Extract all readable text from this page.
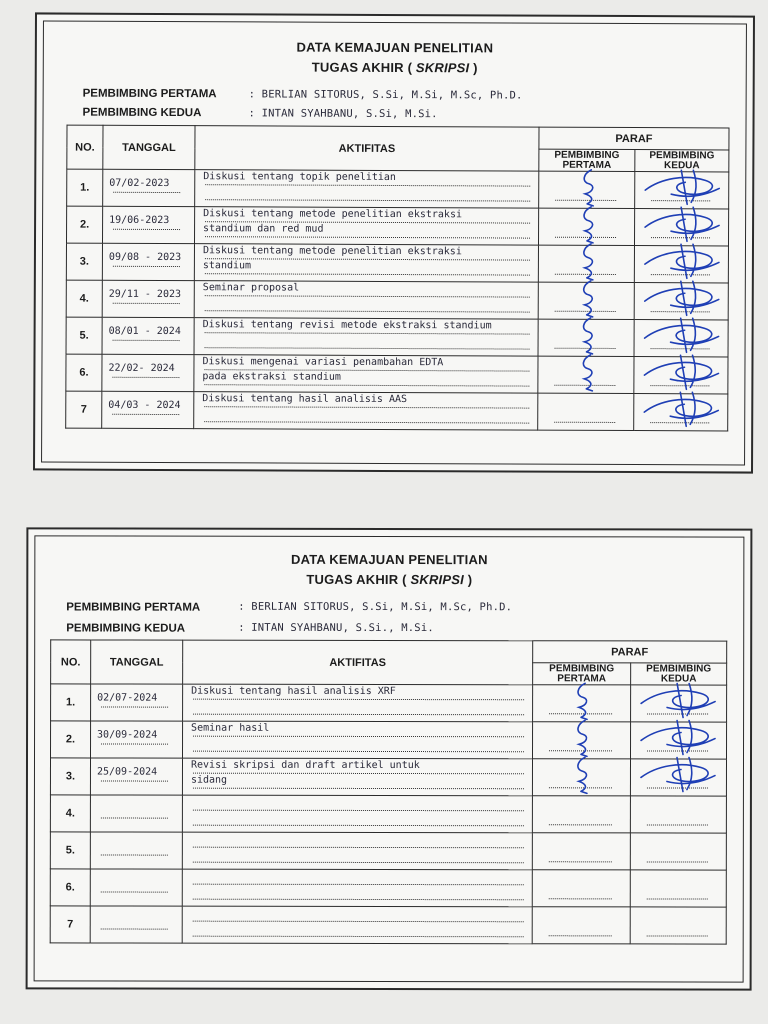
DATA KEMAJUAN PENELITIAN
TUGAS AKHIR ( SKRIPSI )
PEMBIMBING PERTAMA	: BERLIAN SITORUS, S.Si, M.Si, M.Sc, Ph.D.
PEMBIMBING KEDUA	: INTAN SYAHBANU, S.Si, M.Si.
NO.	TANGGAL	AKTIFITAS	PARAF	
			PEMBIMBING PERTAMA	PEMBIMBING KEDUA
1.	07/02-2023	Diskusi tentang topik penelitian

2.	19/06-2023	Diskusi tentang metode penelitian ekstraksi
standium dan red mud

3.	09/08 - 2023	Diskusi tentang metode penelitian ekstraksi
standium

4.	29/11 - 2023	Seminar proposal

5.	08/01 - 2024	Diskusi tentang revisi metode ekstraksi standium

6.	22/02- 2024	Diskusi mengenai variasi penambahan EDTA
pada ekstraksi standium

7	04/03 - 2024	Diskusi tentang hasil analisis AAS

DATA KEMAJUAN PENELITIAN
TUGAS AKHIR ( SKRIPSI )
PEMBIMBING PERTAMA	: BERLIAN SITORUS, S.Si, M.Si, M.Sc, Ph.D.
PEMBIMBING KEDUA	: INTAN SYAHBANU, S.Si., M.Si.
NO.	TANGGAL	AKTIFITAS	PARAF	
			PEMBIMBING PERTAMA	PEMBIMBING KEDUA
1.	02/07-2024	Diskusi tentang hasil analisis XRF

2.	30/09-2024	Seminar hasil

3.	25/09-2024	Revisi skripsi dan draft artikel untuk
sidang

4.	

5.	

6.	

7	
